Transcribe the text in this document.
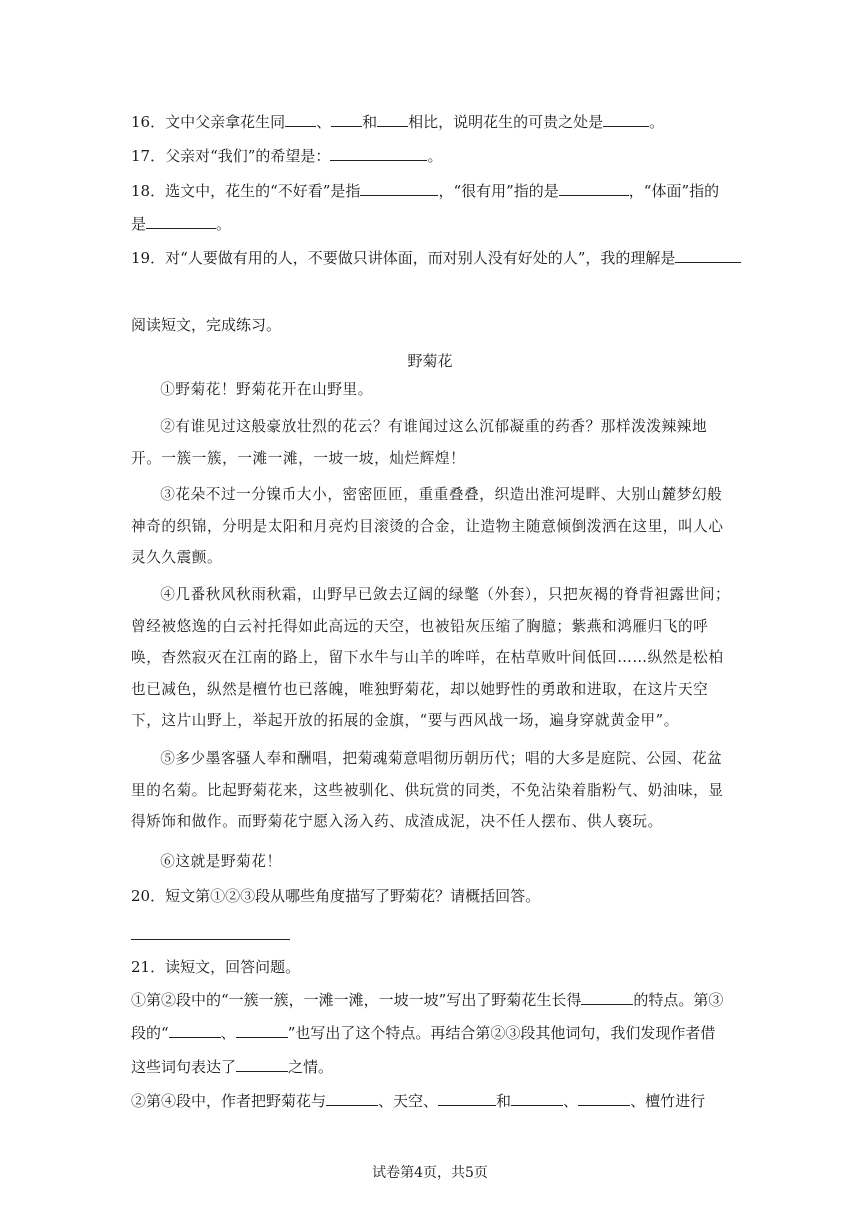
16．文中父亲拿花生同 、 和 相比，说明花生的可贵之处是	。
17．父亲对“我们”的希望是：	。
18．选文中，花生的“不好看”是指	，“很有用”指的是	，“体面”指的
是	。
19．对“人要做有用的人，不要做只讲体面，而对别人没有好处的人”，我的理解是
阅读短文，完成练习。
野菊花

①野菊花！野菊花开在山野里。

②有谁见过这般豪放壮烈的花云？有谁闻过这么沉郁凝重的药香？那样泼泼辣辣地开。一簇一簇，一滩一滩，一坡一坡，灿烂辉煌！

③花朵不过一分镍币大小，密密匝匝，重重叠叠，织造出淮河堤畔、大别山麓梦幻般神奇的织锦，分明是太阳和月亮灼目滚烫的合金，让造物主随意倾倒泼洒在这里，叫人心灵久久震颤。

④几番秋风秋雨秋霜，山野早已敛去辽阔的绿氅（外套），只把灰褐的脊背袒露世间；曾经被悠逸的白云衬托得如此高远的天空，也被铅灰压缩了胸臆；紫燕和鸿雁归飞的呼唤，杳然寂灭在江南的路上，留下水牛与山羊的哞咩，在枯草败叶间低回……纵然是松柏也已减色，纵然是檀竹也已落魄，唯独野菊花，却以她野性的勇敢和进取，在这片天空下，这片山野上，举起开放的拓展的金旗，“要与西风战一场，遍身穿就黄金甲”。

⑤多少墨客骚人奉和酬唱，把菊魂菊意唱彻历朝历代；唱的大多是庭院、公园、花盆里的名菊。比起野菊花来，这些被驯化、供玩赏的同类，不免沾染着脂粉气、奶油味，显得矫饰和做作。而野菊花宁愿入汤入药、成渣成泥，决不任人摆布、供人亵玩。

⑥这就是野菊花！

20．短文第①②③段从哪些角度描写了野菊花？请概括回答。
21．读短文，回答问题。
①第②段中的“一簇一簇，一滩一滩，一坡一坡”写出了野菊花生长得	的特点。第③
段的“	、	”也写出了这个特点。再结合第②③段其他词句，我们发现作者借
这些词句表达了	之情。
②第④段中，作者把野菊花与	、天空、	和	、	、檀竹进行
试卷第4页，共5页
